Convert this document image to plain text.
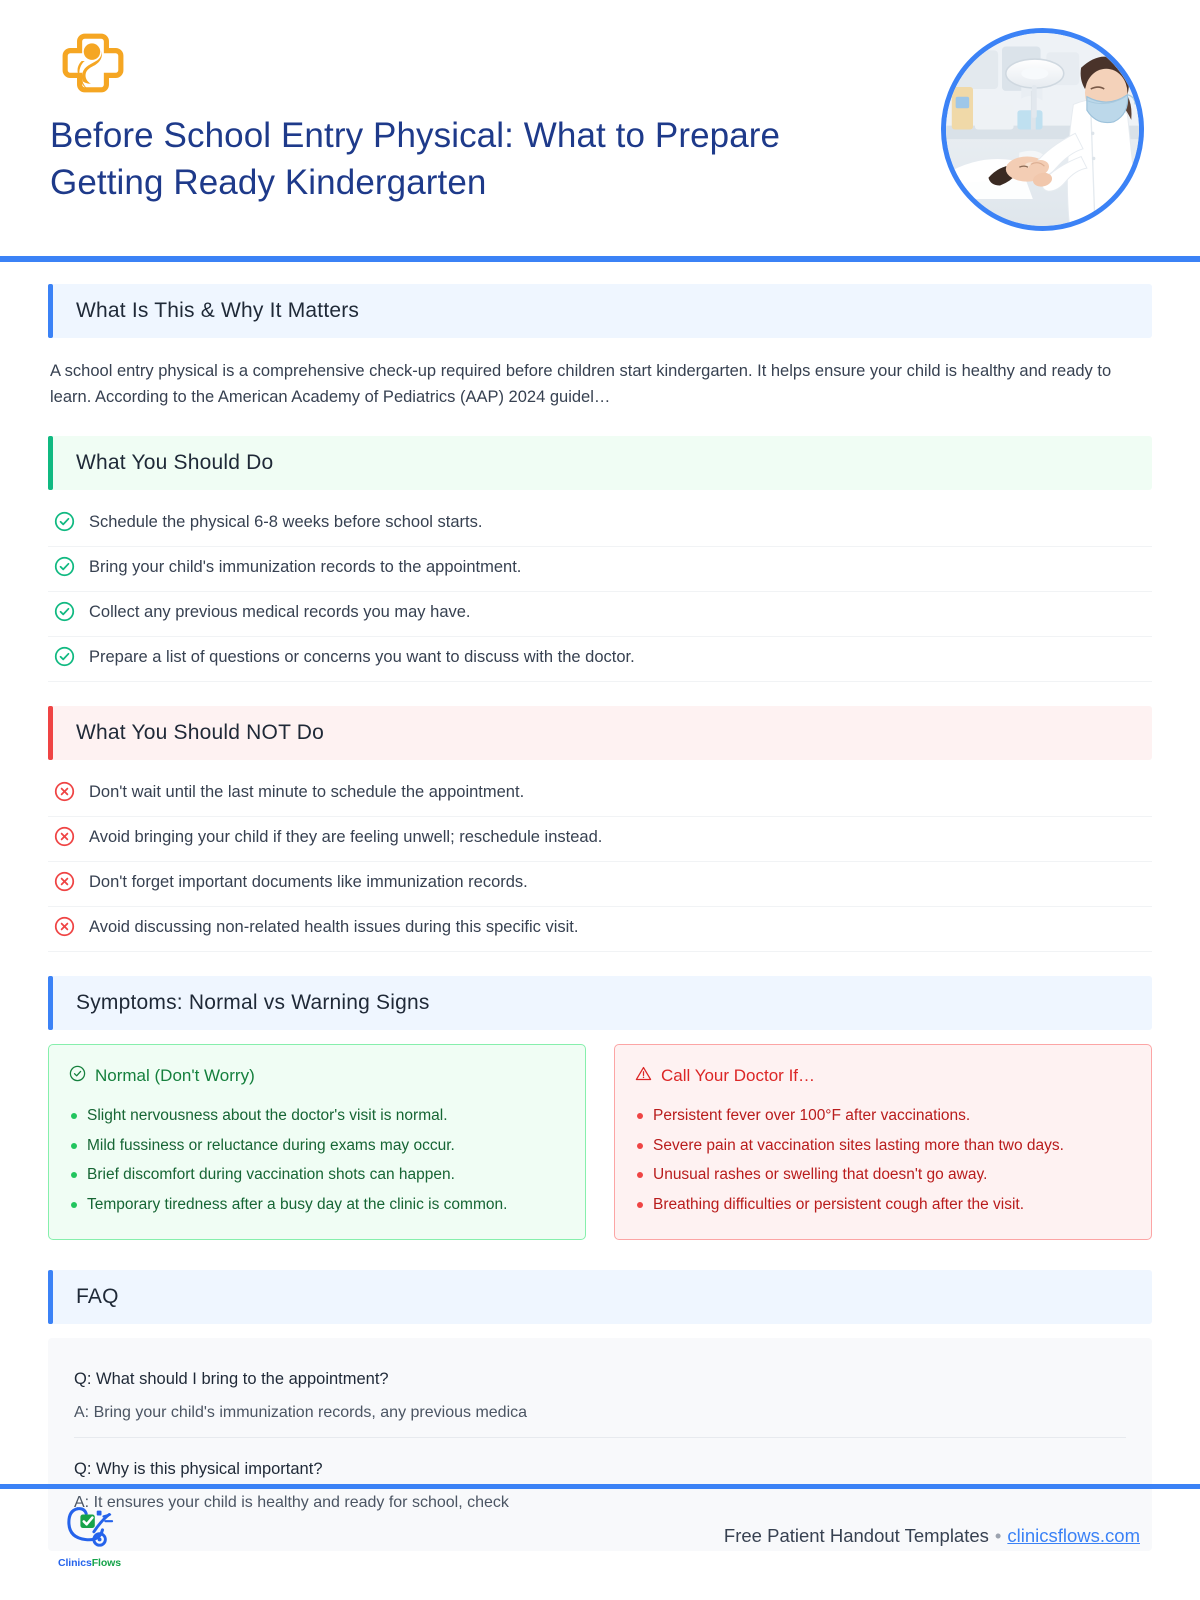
Before School Entry Physical: What to Prepare Getting Ready Kindergarten
What Is This & Why It Matters

A school entry physical is a comprehensive check-up required before children start kindergarten. It helps ensure your child is healthy and ready to learn. According to the American Academy of Pediatrics (AAP) 2024 guidel…

What You Should Do
Schedule the physical 6-8 weeks before school starts.
Bring your child's immunization records to the appointment.
Collect any previous medical records you may have.
Prepare a list of questions or concerns you want to discuss with the doctor.
What You Should NOT Do
Don't wait until the last minute to schedule the appointment.
Avoid bringing your child if they are feeling unwell; reschedule instead.
Don't forget important documents like immunization records.
Avoid discussing non-related health issues during this specific visit.
Symptoms: Normal vs Warning Signs
Normal (Don't Worry)
Slight nervousness about the doctor's visit is normal.
Mild fussiness or reluctance during exams may occur.
Brief discomfort during vaccination shots can happen.
Temporary tiredness after a busy day at the clinic is common.
Call Your Doctor If…
Persistent fever over 100°F after vaccinations.
Severe pain at vaccination sites lasting more than two days.
Unusual rashes or swelling that doesn't go away.
Breathing difficulties or persistent cough after the visit.
FAQ
Q: What should I bring to the appointment?
A: Bring your child's immunization records, any previous medica
Q: Why is this physical important?
A: It ensures your child is healthy and ready for school, check
ClinicsFlows
Free Patient Handout Templates • clinicsflows.com
